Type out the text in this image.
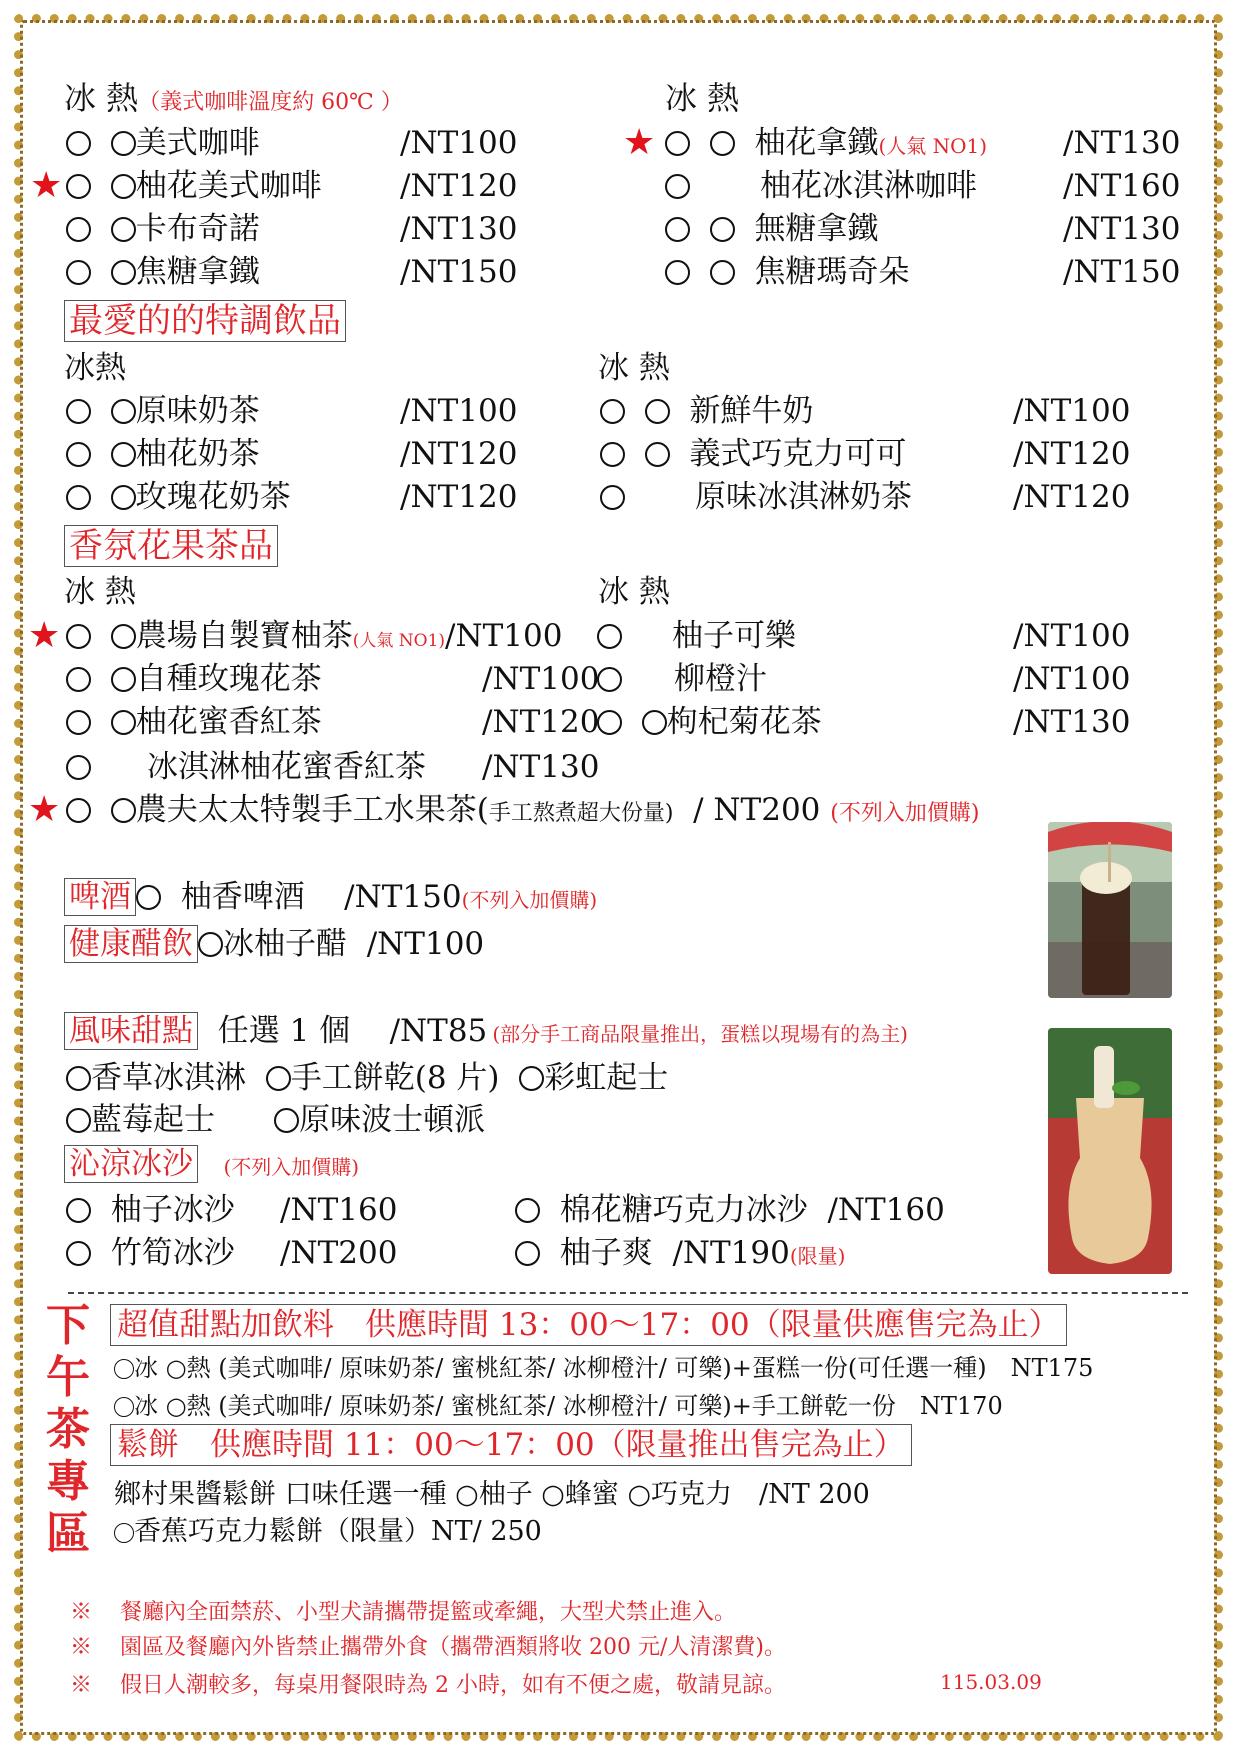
冰 熱（義式咖啡溫度約 60℃ ）	冰 熱
美式咖啡	/NT100
★	柚花美式咖啡	/NT120
卡布奇諾	/NT130
焦糖拿鐵	/NT150
★	柚花拿鐵(人氣 NO1) /NT130
柚花冰淇淋咖啡	/NT160
無糖拿鐵	/NT130
焦糖瑪奇朵	/NT150
最愛的的特調飲品
冰熱	冰 熱
原味奶茶	/NT100
柚花奶茶	/NT120
玫瑰花奶茶	/NT120
新鮮牛奶	/NT100
義式巧克力可可	/NT120
原味冰淇淋奶茶	/NT120
香氛花果茶品
冰 熱	冰 熱
★	農場自製寶柚茶(人氣 NO1)/NT100
自種玫瑰花茶	/NT100
柚花蜜香紅茶	/NT120
冰淇淋柚花蜜香紅茶 /NT130
柚子可樂	/NT100
柳橙汁	/NT100
枸杞菊花茶	/NT130
★	農夫太太特製手工水果茶(手工熬煮超大份量) / NT200 (不列入加價購)
啤酒 柚香啤酒 /NT150(不列入加價購)
健康醋飲 冰柚子醋 /NT100
風味甜點 任選 1 個 /NT85 (部分手工商品限量推出，蛋糕以現場有的為主)
香草冰淇淋 手工餅乾(8 片) 彩虹起士
藍莓起士	原味波士頓派
沁涼冰沙 (不列入加價購)
柚子冰沙 /NT160	棉花糖巧克力冰沙 /NT160
竹筍冰沙 /NT200	柚子爽 /NT190(限量)
下午茶專區
超值甜點加飲料　供應時間 13：00～17：00（限量供應售完為止）
冰 ○熱 (美式咖啡/ 原味奶茶/ 蜜桃紅茶/ 冰柳橙汁/ 可樂)+蛋糕一份(可任選一種)　NT175
冰 ○熱 (美式咖啡/ 原味奶茶/ 蜜桃紅茶/ 冰柳橙汁/ 可樂)+手工餅乾一份　NT170
鬆餅　供應時間 11：00～17：00（限量推出售完為止）
鄉村果醬鬆餅 口味任選一種 ○柚子 ○蜂蜜 ○巧克力　/NT 200
香蕉巧克力鬆餅（限量）NT/ 250
※ 餐廳內全面禁菸、小型犬請攜帶提籃或牽繩，大型犬禁止進入。
※ 園區及餐廳內外皆禁止攜帶外食（攜帶酒類將收 200 元/人清潔費)。
※ 假日人潮較多，每桌用餐限時為 2 小時，如有不便之處，敬請見諒。	115.03.09
